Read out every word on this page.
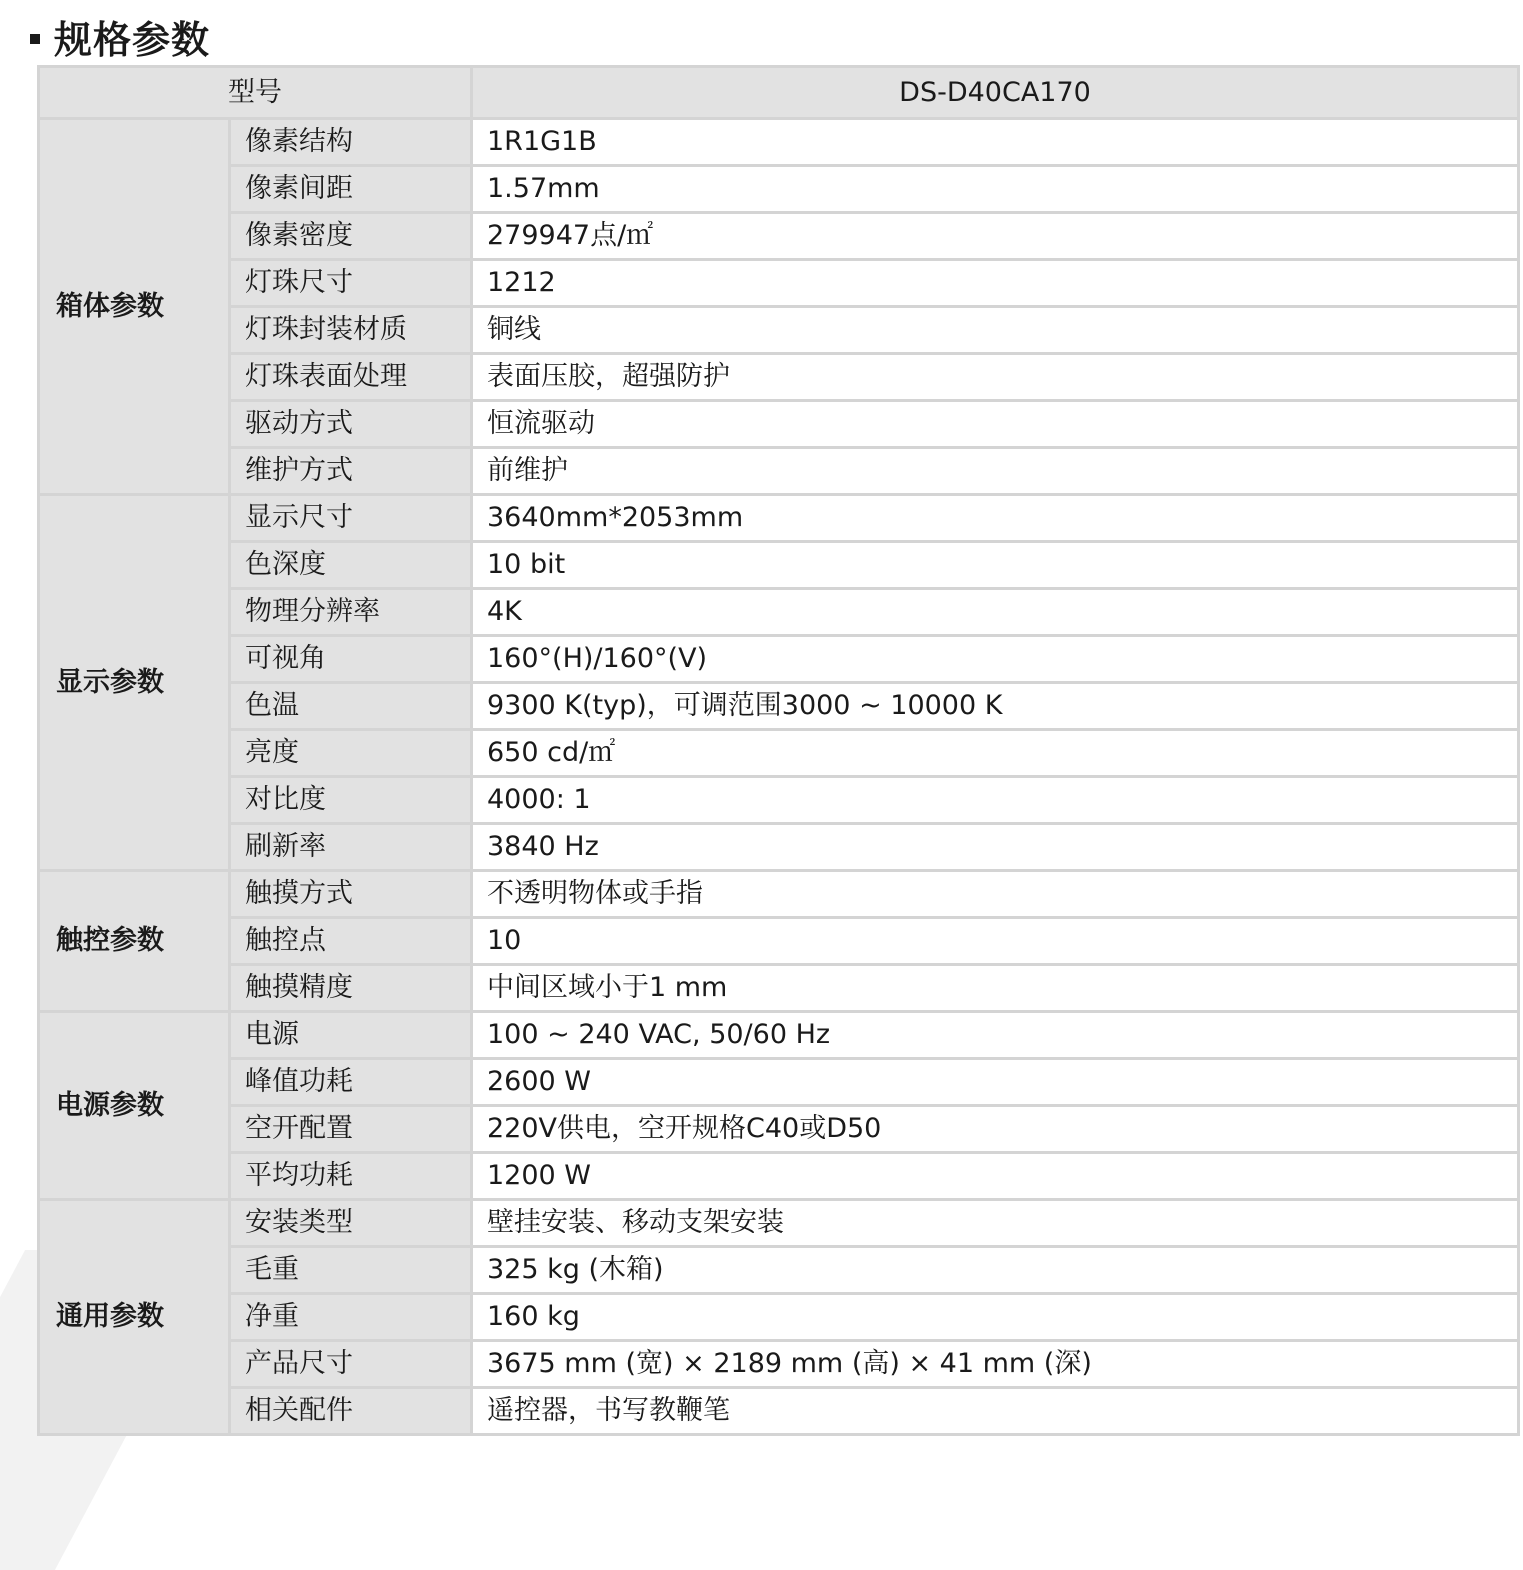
规格参数
型号		DS-D40CA170
箱体参数	像素结构	1R1G1B
	像素间距	1.57mm
	像素密度	279947点/㎡
	灯珠尺寸	1212
	灯珠封装材质	铜线
	灯珠表面处理	表面压胶，超强防护
	驱动方式	恒流驱动
	维护方式	前维护
显示参数	显示尺寸	3640mm*2053mm
	色深度	10 bit
	物理分辨率	4K
	可视角	160°(H)/160°(V)
	色温	9300 K(typ)，可调范围3000 ~ 10000 K
	亮度	650 cd/㎡
	对比度	4000: 1
	刷新率	3840 Hz
触控参数	触摸方式	不透明物体或手指
	触控点	10
	触摸精度	中间区域小于1 mm
电源参数	电源	100 ~ 240 VAC, 50/60 Hz
	峰值功耗	2600 W
	空开配置	220V供电，空开规格C40或D50
	平均功耗	1200 W
通用参数	安装类型	壁挂安装、移动支架安装
	毛重	325 kg (木箱)
	净重	160 kg
	产品尺寸	3675 mm (宽) × 2189 mm (高) × 41 mm (深)
	相关配件	遥控器，书写教鞭笔
